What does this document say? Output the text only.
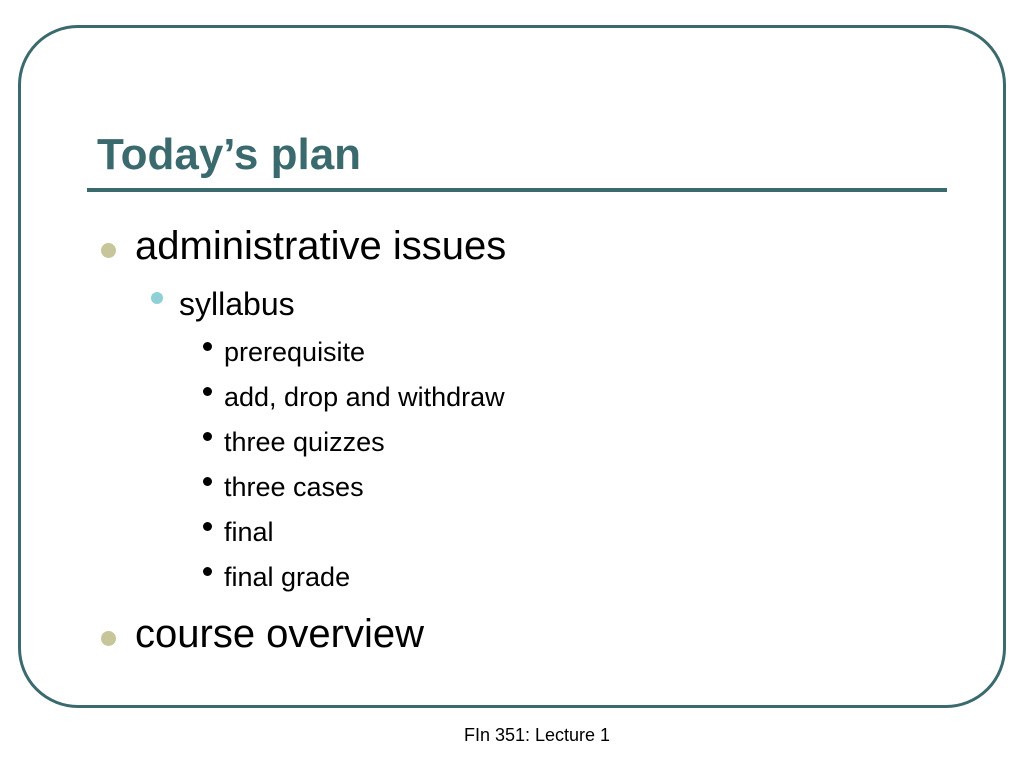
Today’s plan
administrative issues
syllabus
prerequisite
add, drop and withdraw
three quizzes
three cases
final
final grade
course overview
FIn 351: Lecture 1
